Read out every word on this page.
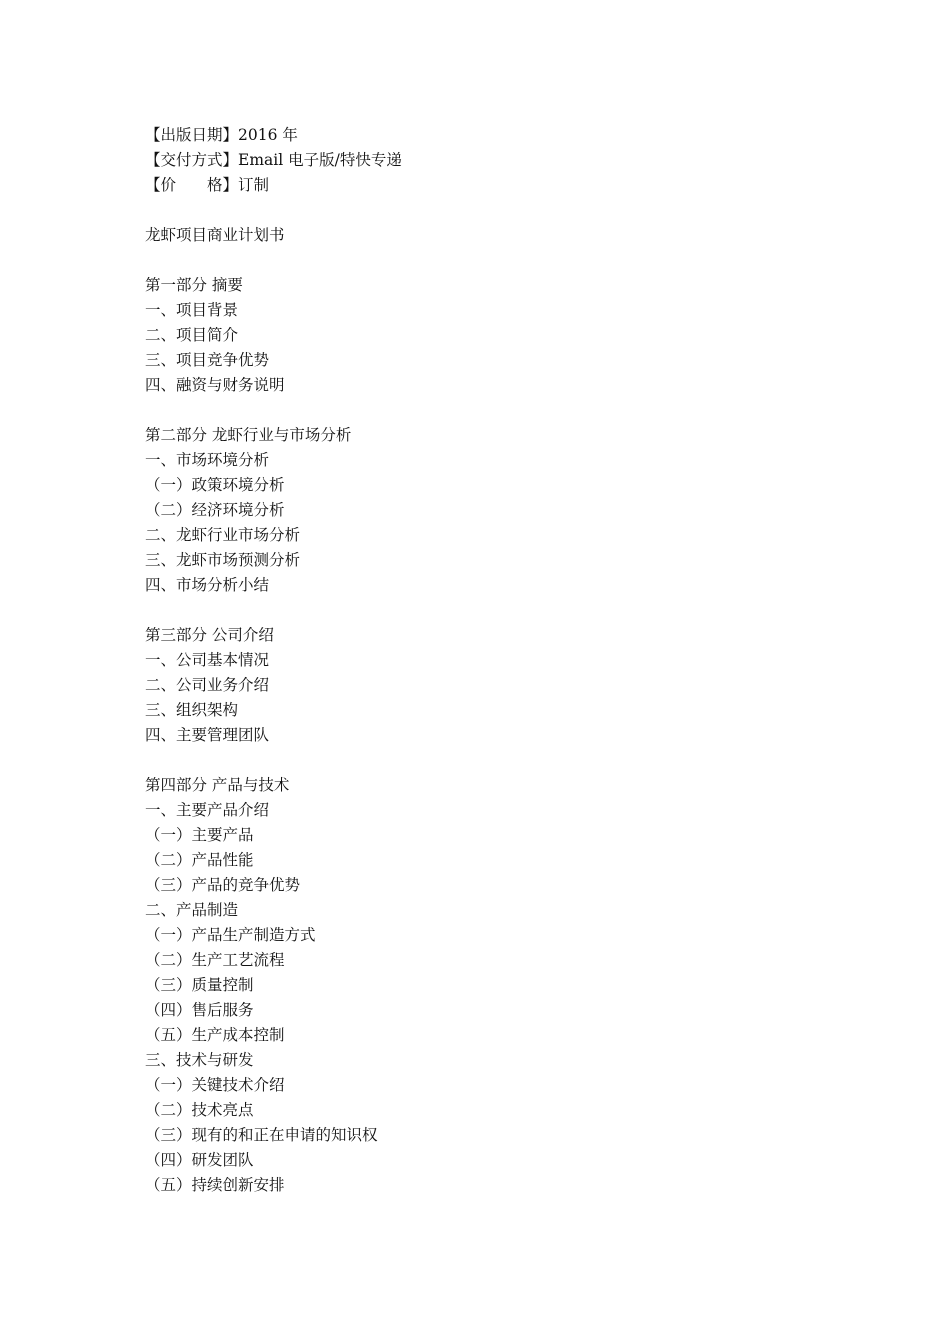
【出版日期】2016 年
【交付方式】Email 电子版/特快专递
【价　　格】订制
龙虾项目商业计划书
第一部分 摘要
一、项目背景
二、项目简介
三、项目竞争优势
四、融资与财务说明
第二部分 龙虾行业与市场分析
一、市场环境分析
（一）政策环境分析
（二）经济环境分析
二、龙虾行业市场分析
三、龙虾市场预测分析
四、市场分析小结
第三部分 公司介绍
一、公司基本情况
二、公司业务介绍
三、组织架构
四、主要管理团队
第四部分 产品与技术
一、主要产品介绍
（一）主要产品
（二）产品性能
（三）产品的竞争优势
二、产品制造
（一）产品生产制造方式
（二）生产工艺流程
（三）质量控制
（四）售后服务
（五）生产成本控制
三、技术与研发
（一）关键技术介绍
（二）技术亮点
（三）现有的和正在申请的知识权
（四）研发团队
（五）持续创新安排
